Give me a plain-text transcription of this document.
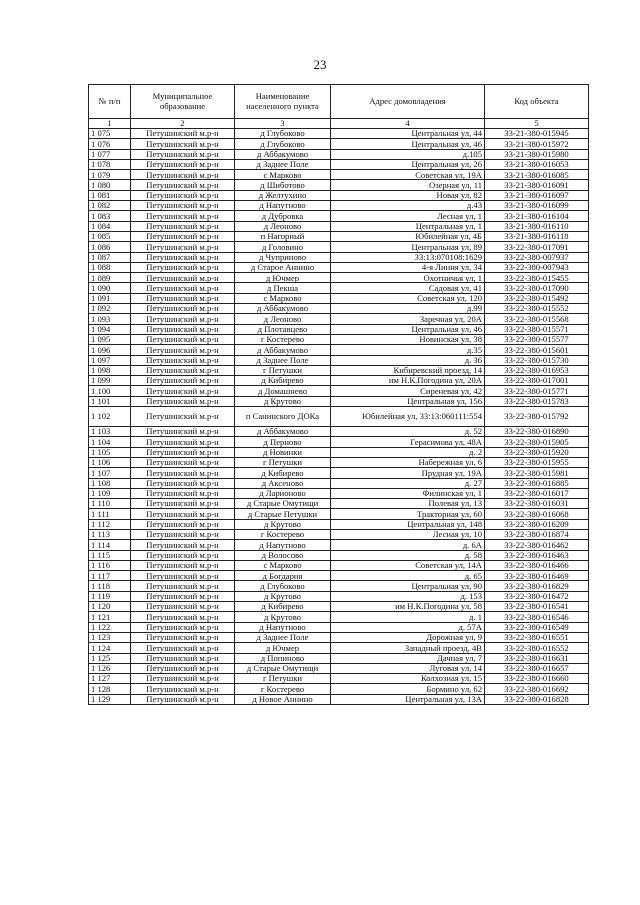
23
№ п/п	Муниципальное образование	Наименование населенного пункта	Адрес домовладения	Код объекта
1	2	3	4	5
1 075	Петушинский м.р-н	д Глубоково	Центральная ул, 44	33-21-380-015945
1 076	Петушинский м.р-н	д Глубоково	Центральная ул, 46	33-21-380-015972
1 077	Петушинский м.р-н	д Аббакумово	д.105	33-21-380-015980
1 078	Петушинский м.р-н	д Заднее Поле	Центральная ул, 26	33-21-380-016053
1 079	Петушинский м.р-н	с Марково	Советская ул, 19А	33-21-380-016085
1 080	Петушинский м.р-н	д Шиботово	Озерная ул, 11	33-21-380-016091
1 081	Петушинский м.р-н	д Желтухино	Новая ул, 82	33-21-380-016097
1 082	Петушинский м.р-н	д Напутново	д.43	33-21-380-016099
1 083	Петушинский м.р-н	д Дубровка	Лесная ул, 1	33-21-380-016104
1 084	Петушинский м.р-н	д Леоново	Центральная ул, 1	33-21-380-016110
1 085	Петушинский м.р-н	п Нагорный	Юбилейная ул, 4Б	33-21-380-016118
1 086	Петушинский м.р-н	д Головино	Центральная ул, 89	33-22-380-017091
1 087	Петушинский м.р-н	д Чуприново	33:13:070108:1629	33-22-380-007937
1 088	Петушинский м.р-н	д Старое Аннино	4-я Линия ул, 34	33-22-380-007943
1 089	Петушинский м.р-н	д Ючмер	Охотничья ул, 1	33-22-380-015455
1 090	Петушинский м.р-н	д Пекша	Садовая ул, 41	33-22-380-017090
1 091	Петушинский м.р-н	с Марково	Советская ул, 120	33-22-380-015492
1 092	Петушинский м.р-н	д Аббакумово	д.99	33-22-380-015552
1 093	Петушинский м.р-н	д Леоново	Заречная ул, 20А	33-22-380-015568
1 094	Петушинский м.р-н	д Плотавцево	Центральная ул, 46	33-22-380-015571
1 095	Петушинский м.р-н	г Костерево	Новинская ул, 38	33-22-380-015577
1 096	Петушинский м.р-н	д Аббакумово	д.35	33-22-380-015601
1 097	Петушинский м.р-н	д Заднее Поле	д. 36	33-22-380-015730
1 098	Петушинский м.р-н	г Петушки	Кибиревский проезд, 14	33-22-380-016953
1 099	Петушинский м.р-н	д Кибирево	им Н.К.Погодина ул, 20А	33-22-380-017001
1 100	Петушинский м.р-н	д Домашнево	Сиреневая ул, 42	33-22-380-015771
1 101	Петушинский м.р-н	д Крутово	Центральная ул, 156	33-22-380-015783
1 102	Петушинский м.р-н	п Санинского ДОКа	Юбилейная ул, 33:13:060111:554	33-22-380-015792
1 103	Петушинский м.р-н	д Аббакумово	д. 52	33-22-380-016890
1 104	Петушинский м.р-н	д Перново	Герасимова ул, 48А	33-22-380-015905
1 105	Петушинский м.р-н	д Новинки	д. 2	33-22-380-015920
1 106	Петушинский м.р-н	г Петушки	Набережная ул, 6	33-22-380-015955
1 107	Петушинский м.р-н	д Кибирево	Прудная ул, 19А	33-22-380-015981
1 108	Петушинский м.р-н	д Аксеново	д. 27	33-22-380-016885
1 109	Петушинский м.р-н	д Ларионово	Филинская ул, 1	33-22-380-016017
1 110	Петушинский м.р-н	д Старые Омутищи	Полевая ул, 13	33-22-380-016031
1 111	Петушинский м.р-н	д Старые Петушки	Тракторная ул, 60	33-22-380-016068
1 112	Петушинский м.р-н	д Крутово	Центральная ул, 148	33-22-380-016209
1 113	Петушинский м.р-н	г Костерево	Лесная ул, 10	33-22-380-016874
1 114	Петушинский м.р-н	д Напутново	д. 6А	33-22-380-016462
1 115	Петушинский м.р-н	д Волосово	д. 58	33-22-380-016463
1 116	Петушинский м.р-н	с Марково	Советская ул, 14А	33-22-380-016466
1 117	Петушинский м.р-н	д Богдарня	д. 65	33-22-380-016469
1 118	Петушинский м.р-н	д Глубоково	Центральная ул, 90	33-22-380-016829
1 119	Петушинский м.р-н	д Крутово	д. 153	33-22-380-016472
1 120	Петушинский м.р-н	д Кибирево	им Н.К.Погодина ул, 58	33-22-380-016541
1 121	Петушинский м.р-н	д Крутово	д. 1	33-22-380-016546
1 122	Петушинский м.р-н	д Напутново	д. 57А	33-22-380-016549
1 123	Петушинский м.р-н	д Заднее Поле	Дорожная ул, 9	33-22-380-016551
1 124	Петушинский м.р-н	д Ючмер	Западный проезд, 4В	33-22-380-016552
1 125	Петушинский м.р-н	д Попиново	Дачная ул, 7	33-22-380-016631
1 126	Петушинский м.р-н	д Старые Омутищи	Луговая ул, 14	33-22-380-016657
1 127	Петушинский м.р-н	г Петушки	Колхозная ул, 15	33-22-380-016660
1 128	Петушинский м.р-н	г Костерево	Бормино ул, 62	33-22-380-016692
1 129	Петушинский м.р-н	д Новое Аннино	Центральная ул, 13А	33-22-380-016828
